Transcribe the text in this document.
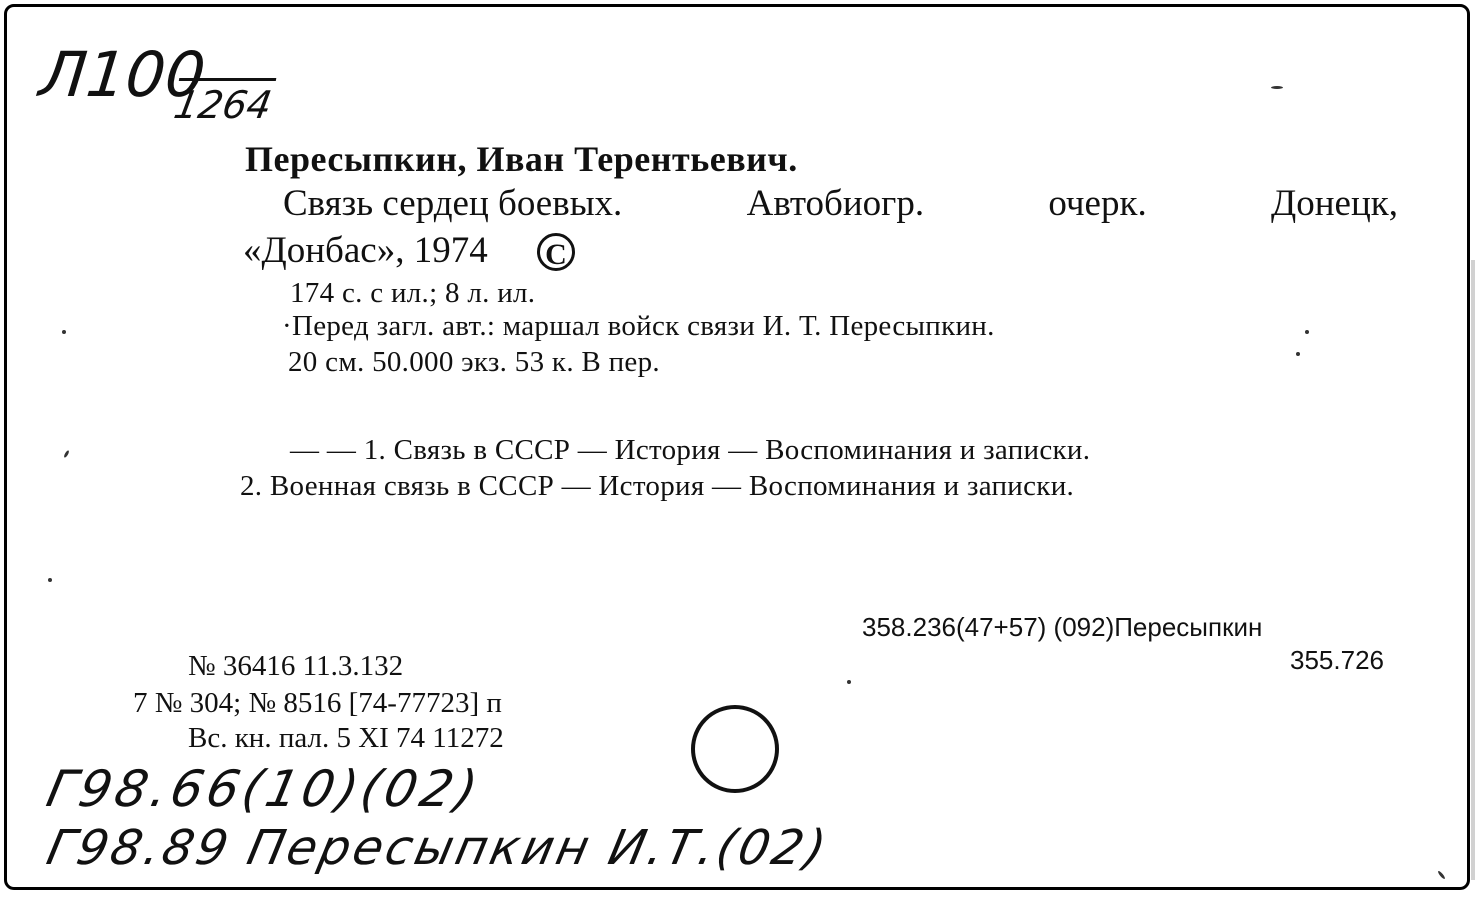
Л100
1264
Пересыпкин, Иван Терентьевич.
Связь сердец боевых.	Автобиогр.	очерк.	Донецк,
«Донбас», 1974 C
174 с. с ил.; 8 л. ил.
·Перед загл. авт.: маршал войск связи И. Т. Пересыпкин.
20 см. 50.000 экз. 53 к. В пер.
— — 1. Связь в СССР — История — Воспоминания и записки.
2. Военная связь в СССР — История — Воспоминания и записки.
358.236(47+57) (092)Пересыпкин
355.726
№ 36416 11.3.132
7 № 304; № 8516 [74-77723] п
Вс. кн. пал. 5 XI 74 11272
Г98.66(10)(02)
Г98.89 Пересыпкин И.Т.(02)
